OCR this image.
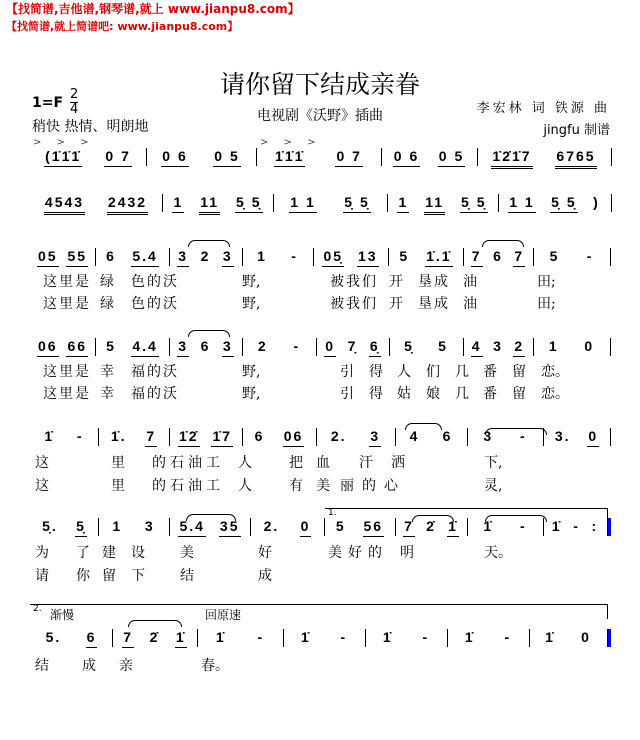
【找简谱,吉他谱,钢琴谱,就上 www.jianpu8.com】
【找简谱,就上简谱吧: www.jianpu8.com】
请你留下结成亲眷
电视剧《沃野》插曲
1=F
2
4
稍快 热情、明朗地
李宏林 词 铁源 曲
jingfu 制谱
> > >	> > >
1.
2. 渐慢	回原速
(1̇1̇1̇ 0 7 0 6 0 5	1̇1̇1̇ 0 7 0 6 0 5 1̇2̇1̇7 6765
4543 2432 1 11 5̣ 5̣ 1 1 5̣ 5̣ 1 11 5̣ 5̣ 1 1 5̣ 5̣ )
05 55 6 5.4 3 2 3 1 - 05̣ 13 5 1̇.1̇ 7 6 7 5 -
06 66 5 4.4 3 6 3 2 - 0 7̣ 6̣ 5̣ 5 4 3 2 1 0
1̇ - 1̇. 7 1̇2̇ 1̇7 6 06 2. 3 4 6 3 - 3. 0
5̣. 5̣ 1 3 5.4 35 2. 0 5 56 7 2̇ 1̇ 1̇ - 1̇ - :
5. 6 7 2̇ 1̇ 1̇ -	1̇ -	1̇ -	1̇ - 1̇ 0
这 里 是 绿 色 的 沃	野,	被 我 们 开 垦 成 油	田;
这 里 是 绿 色 的 沃	野,	被 我 们 开 垦 成 油	田;
这 里 是 幸 福 的 沃	野,	引 得 人 们 几 番 留 恋。
这 里 是 幸 福 的 沃	野,	引 得 姑 娘 几 番 留 恋。
这	里 的 石 油 工 人	把 血 汗 洒	下,
这	里 的 石 油 工 人	有 美 丽 的 心	灵,
为 了 建 设	美	好	美 好 的 明	天。
请 你 留 下	结	成
结 成 亲	春。
